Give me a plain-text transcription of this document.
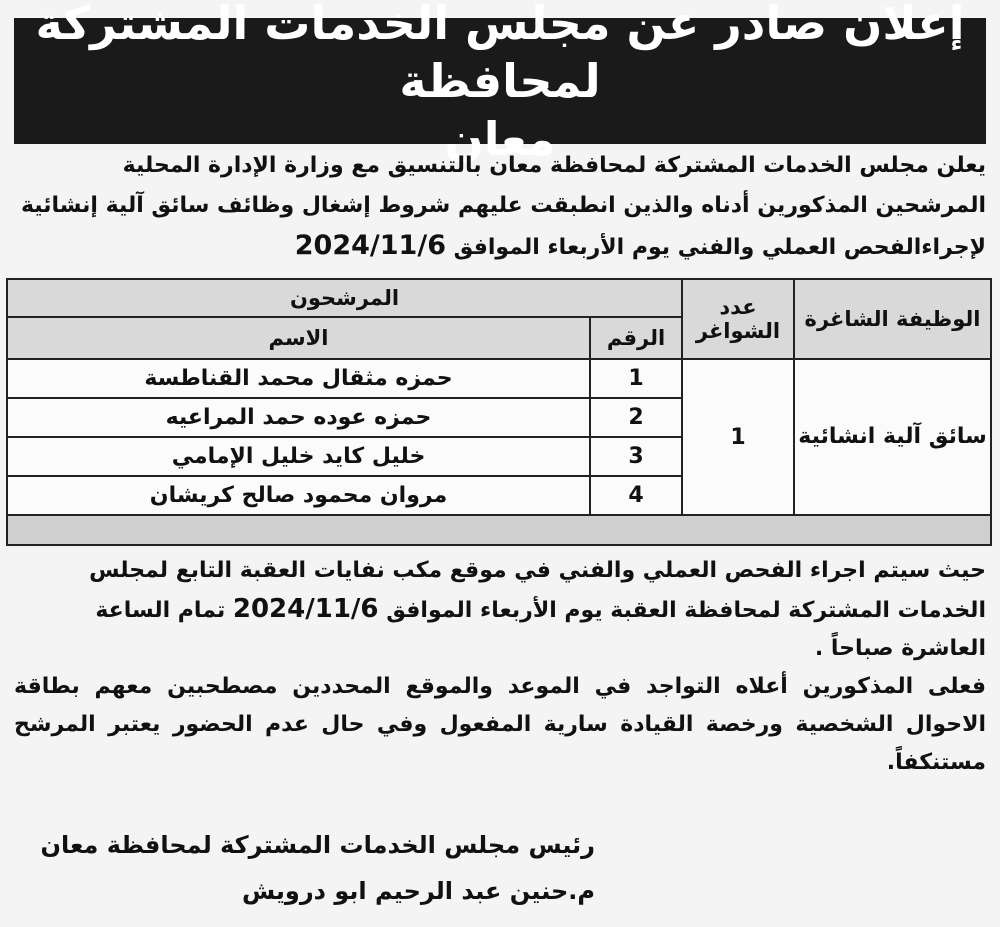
إعلان صادر عن مجلس الخدمات المشتركة لمحافظة
معان

يعلن مجلس الخدمات المشتركة لمحافظة معان بالتنسيق مع وزارة الإدارة المحلية

المرشحين المذكورين أدناه والذين انطبقت عليهم شروط إشغال وظائف سائق آلية إنشائية

لإجراءالفحص العملي والفني يوم الأربعاء الموافق 2024/11/6

الوظيفة الشاغرة	عدد الشواغر	المرشحون	
		الرقم	الاسم
سائق آلية انشائية	1	1	حمزه مثقال محمد القناطسة
		2	حمزه عوده حمد المراعيه
		3	خليل كايد خليل الإمامي
		4	مروان محمود صالح كريشان

حيث سيتم اجراء الفحص العملي والفني في موقع مكب نفايات العقبة التابع لمجلس

الخدمات المشتركة لمحافظة العقبة يوم الأربعاء الموافق 2024/11/6 تمام الساعة

العاشرة صباحاً .

فعلى المذكورين أعلاه التواجد في الموعد والموقع المحددين مصطحبين معهم بطاقة الاحوال الشخصية ورخصة القيادة سارية المفعول وفي حال عدم الحضور يعتبر المرشح مستنكفاً.

رئيس مجلس الخدمات المشتركة لمحافظة معان

م.حنين عبد الرحيم ابو درويش
